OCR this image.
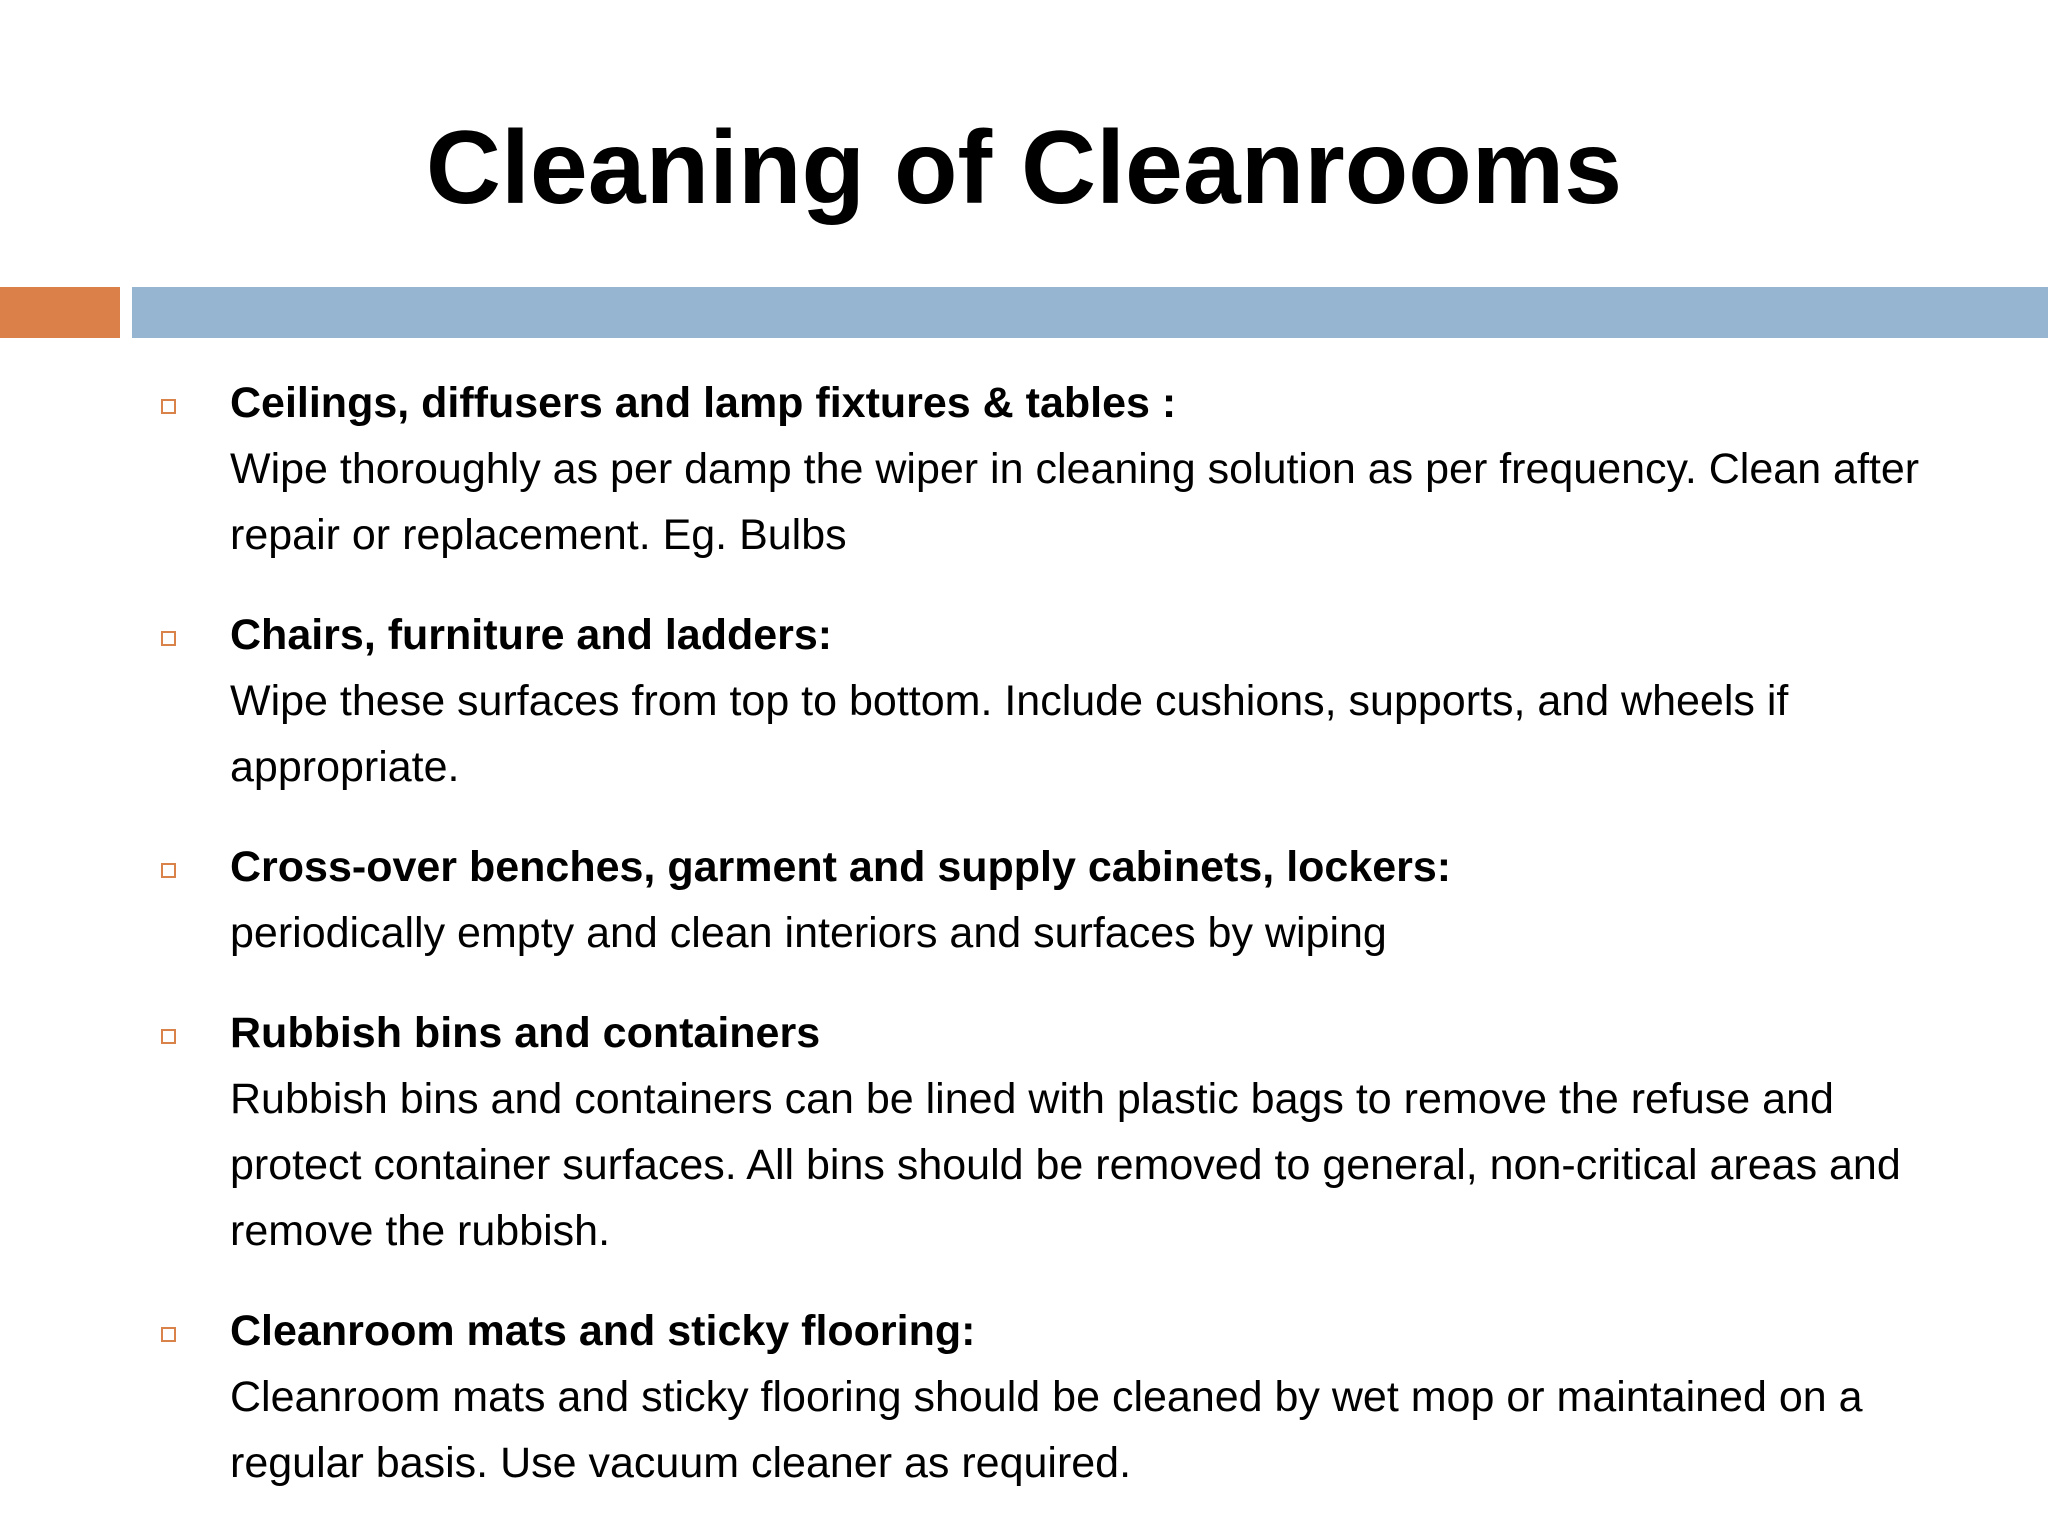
Cleaning of Cleanrooms
Ceilings, diffusers and lamp fixtures & tables :
Wipe thoroughly as per damp the wiper in cleaning solution as per frequency. Clean after repair or replacement. Eg. Bulbs
Chairs, furniture and ladders:
Wipe these surfaces from top to bottom. Include cushions, supports, and wheels if appropriate.
Cross-over benches, garment and supply cabinets, lockers:
periodically empty and clean interiors and surfaces by wiping
Rubbish bins and containers
Rubbish bins and containers can be lined with plastic bags to remove the refuse and protect container surfaces. All bins should be removed to general, non-critical areas and remove the rubbish.
Cleanroom mats and sticky flooring:
Cleanroom mats and sticky flooring should be cleaned by wet mop or maintained on a regular basis. Use vacuum cleaner as required.
